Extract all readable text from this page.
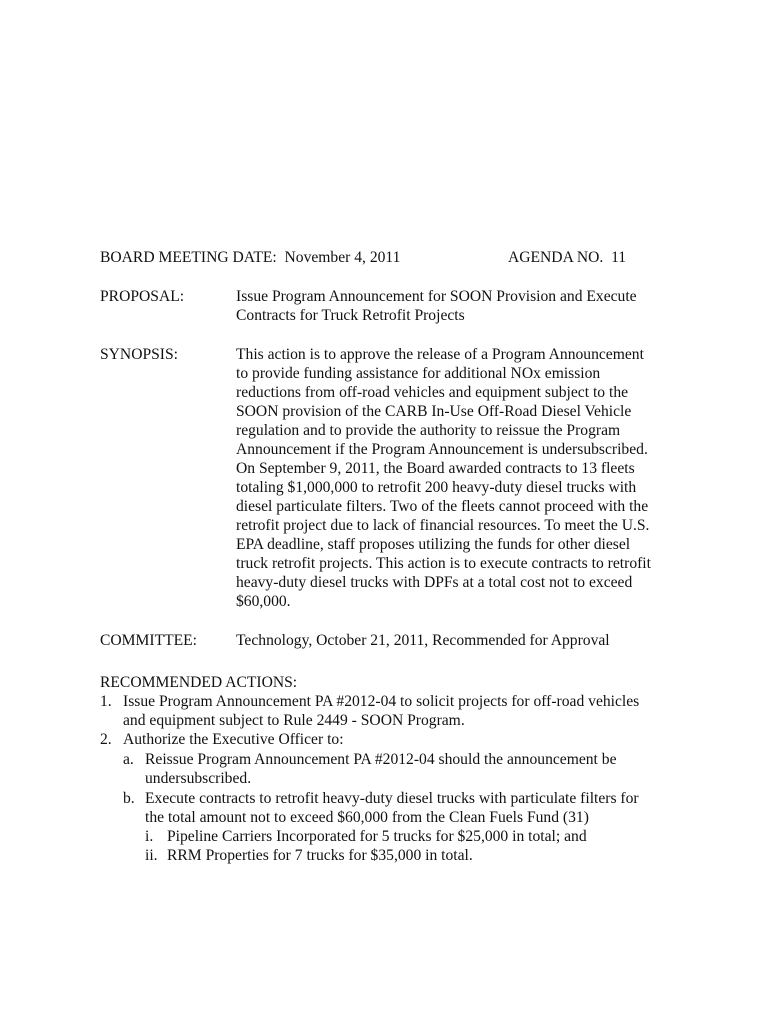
BOARD MEETING DATE: November 4, 2011	AGENDA NO. 11
PROPOSAL:	Issue Program Announcement for SOON Provision and Execute
Contracts for Truck Retrofit Projects
SYNOPSIS:	This action is to approve the release of a Program Announcement
to provide funding assistance for additional NOx emission
reductions from off-road vehicles and equipment subject to the
SOON provision of the CARB In-Use Off-Road Diesel Vehicle
regulation and to provide the authority to reissue the Program
Announcement if the Program Announcement is undersubscribed.
On September 9, 2011, the Board awarded contracts to 13 fleets
totaling $1,000,000 to retrofit 200 heavy-duty diesel trucks with
diesel particulate filters. Two of the fleets cannot proceed with the
retrofit project due to lack of financial resources. To meet the U.S.
EPA deadline, staff proposes utilizing the funds for other diesel
truck retrofit projects. This action is to execute contracts to retrofit
heavy-duty diesel trucks with DPFs at a total cost not to exceed
$60,000.
COMMITTEE: Technology, October 21, 2011, Recommended for Approval
RECOMMENDED ACTIONS:
1. Issue Program Announcement PA #2012-04 to solicit projects for off-road vehicles
and equipment subject to Rule 2449 - SOON Program.
2. Authorize the Executive Officer to:
a. Reissue Program Announcement PA #2012-04 should the announcement be
undersubscribed.
b. Execute contracts to retrofit heavy-duty diesel trucks with particulate filters for
the total amount not to exceed $60,000 from the Clean Fuels Fund (31)
i. Pipeline Carriers Incorporated for 5 trucks for $25,000 in total; and
ii. RRM Properties for 7 trucks for $35,000 in total.
